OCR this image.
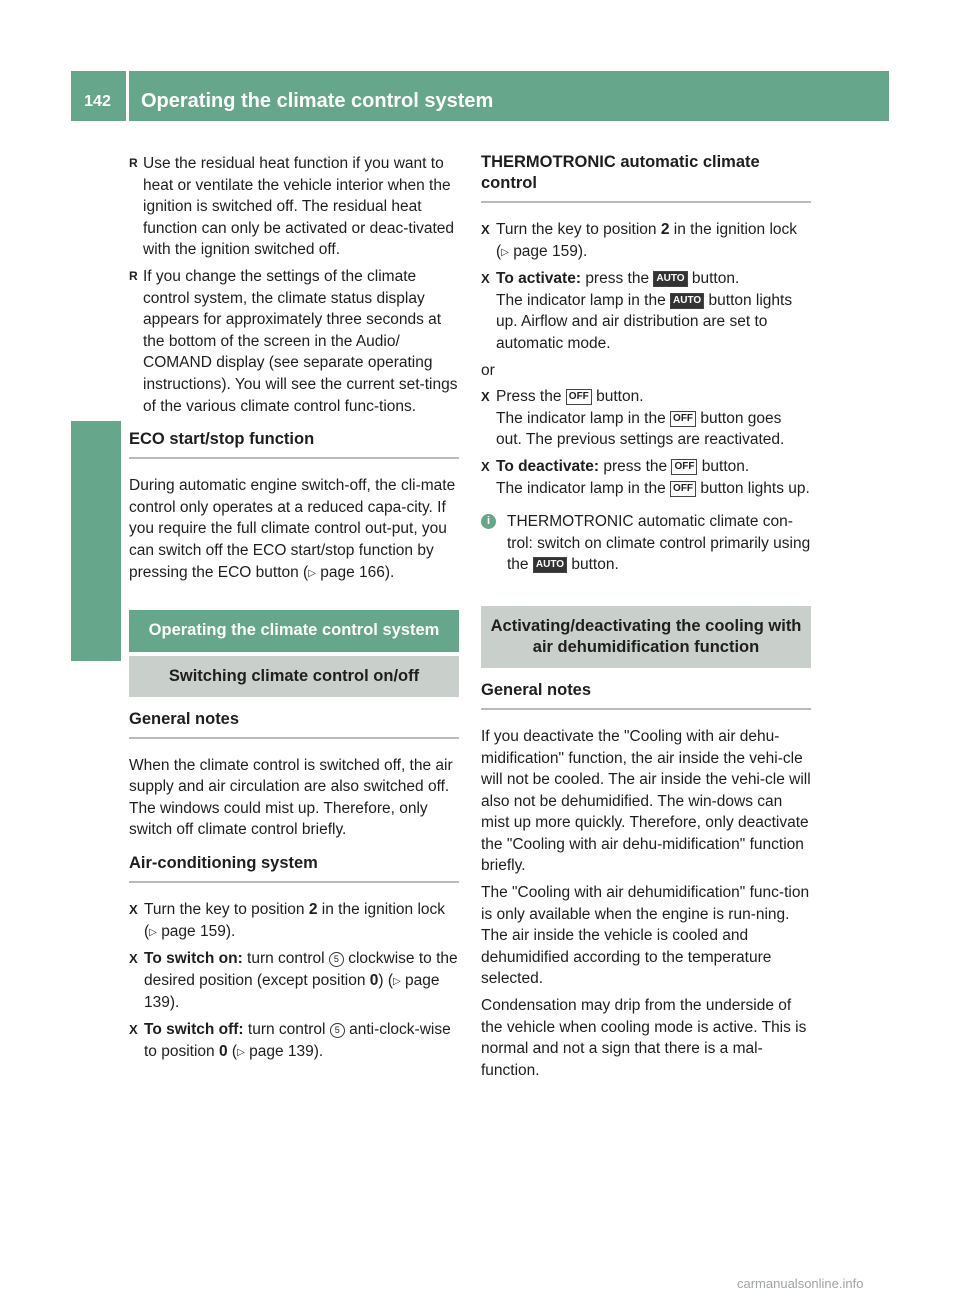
142	Operating the climate control system
Climate control

R Use the residual heat function if you want to heat or ventilate the vehicle interior when the ignition is switched off. The residual heat function can only be activated or deac-tivated with the ignition switched off.

R If you change the settings of the climate control system, the climate status display appears for approximately three seconds at the bottom of the screen in the Audio/ COMAND display (see separate operating instructions). You will see the current set-tings of the various climate control func-tions.

ECO start/stop function

During automatic engine switch-off, the cli-mate control only operates at a reduced capa-city. If you require the full climate control out-put, you can switch off the ECO start/stop function by pressing the ECO button (▷ page 166).

Operating the climate control system
Switching climate control on/off
General notes

When the climate control is switched off, the air supply and air circulation are also switched off. The windows could mist up. Therefore, only switch off climate control briefly.

Air-conditioning system

X Turn the key to position 2 in the ignition lock (▷ page 159).

X To switch on: turn control 5 clockwise to the desired position (except position 0) (▷ page 139).

X To switch off: turn control 5 anti-clock-wise to position 0 (▷ page 139).

THERMOTRONIC automatic climate control

X Turn the key to position 2 in the ignition lock (▷ page 159).

X To activate: press the AUTO button.
The indicator lamp in the AUTO button lights up. Airflow and air distribution are set to automatic mode.

or

X Press the OFF button.
The indicator lamp in the OFF button goes out. The previous settings are reactivated.

X To deactivate: press the OFF button.
The indicator lamp in the OFF button lights up.

i	THERMOTRONIC automatic climate con-trol: switch on climate control primarily using the AUTO button.

Activating/deactivating the cooling with air dehumidification function
General notes

If you deactivate the "Cooling with air dehu-midification" function, the air inside the vehi-cle will not be cooled. The air inside the vehi-cle will also not be dehumidified. The win-dows can mist up more quickly. Therefore, only deactivate the "Cooling with air dehu-midification" function briefly.

The "Cooling with air dehumidification" func-tion is only available when the engine is run-ning. The air inside the vehicle is cooled and dehumidified according to the temperature selected.

Condensation may drip from the underside of the vehicle when cooling mode is active. This is normal and not a sign that there is a mal-function.

carmanualsonline.info
